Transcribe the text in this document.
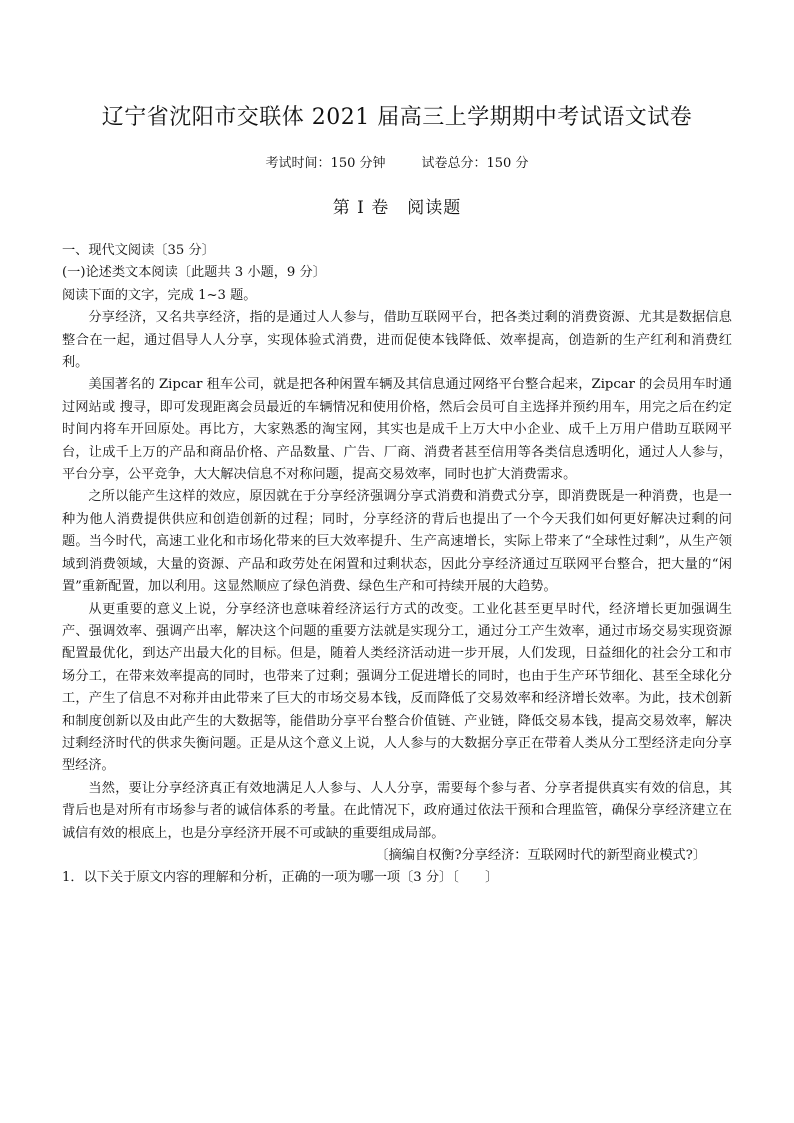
辽宁省沈阳市交联体 2021 届高三上学期期中考试语文试卷
考试时间：150 分钟	试卷总分：150 分
第 I 卷　阅读题

一、现代文阅读〔35 分〕

(一)论述类文本阅读〔此题共 3 小题，9 分〕

阅读下面的文字，完成 1~3 题。

分享经济，又名共享经济，指的是通过人人参与，借助互联网平台，把各类过剩的消费资源、尤其是数据信息整合在一起，通过倡导人人分享，实现体验式消费，进而促使本钱降低、效率提高，创造新的生产红利和消费红利。

美国著名的 Zipcar 租车公司，就是把各种闲置车辆及其信息通过网络平台整合起来，Zipcar 的会员用车时通过网站或 搜寻，即可发现距离会员最近的车辆情况和使用价格，然后会员可自主选择并预约用车，用完之后在约定时间内将车开回原处。再比方，大家熟悉的淘宝网，其实也是成千上万大中小企业、成千上万用户借助互联网平台，让成千上万的产品和商品价格、产品数量、广告、厂商、消费者甚至信用等各类信息透明化，通过人人参与，平台分享，公平竞争，大大解决信息不对称问题，提高交易效率，同时也扩大消费需求。

之所以能产生这样的效应，原因就在于分享经济强调分享式消费和消费式分享，即消费既是一种消费，也是一种为他人消费提供供应和创造创新的过程；同时，分享经济的背后也提出了一个今天我们如何更好解决过剩的问题。当今时代，高速工业化和市场化带来的巨大效率提升、生产高速增长，实际上带来了“全球性过剩”，从生产领域到消费领域，大量的资源、产品和政劳处在闲置和过剩状态，因此分享经济通过互联网平台整合，把大量的“闲置”重新配置，加以利用。这显然顺应了绿色消费、绿色生产和可持续开展的大趋势。

从更重要的意义上说，分享经济也意味着经济运行方式的改变。工业化甚至更早时代，经济增长更加强调生产、强调效率、强调产出率，解决这个问题的重要方法就是实现分工，通过分工产生效率，通过市场交易实现资源配置最优化，到达产出最大化的目标。但是，随着人类经济活动进一步开展，人们发现，日益细化的社会分工和市场分工，在带来效率提高的同时，也带来了过剩；强调分工促进增长的同时，也由于生产环节细化、甚至全球化分工，产生了信息不对称并由此带来了巨大的市场交易本钱，反而降低了交易效率和经济增长效率。为此，技术创新和制度创新以及由此产生的大数据等，能借助分享平台整合价值链、产业链，降低交易本钱，提高交易效率，解决过剩经济时代的供求失衡问题。正是从这个意义上说，人人参与的大数据分享正在带着人类从分工型经济走向分享型经济。

当然，要让分享经济真正有效地满足人人参与、人人分享，需要每个参与者、分享者提供真实有效的信息，其背后也是对所有市场参与者的诚信体系的考量。在此情况下，政府通过依法干预和合理监管，确保分享经济建立在诚信有效的根底上，也是分享经济开展不可或缺的重要组成局部。

〔摘编自权衡?分享经济：互联网时代的新型商业模式?〕

1．以下关于原文内容的理解和分析，正确的一项为哪一项〔3 分〕〔　　〕
